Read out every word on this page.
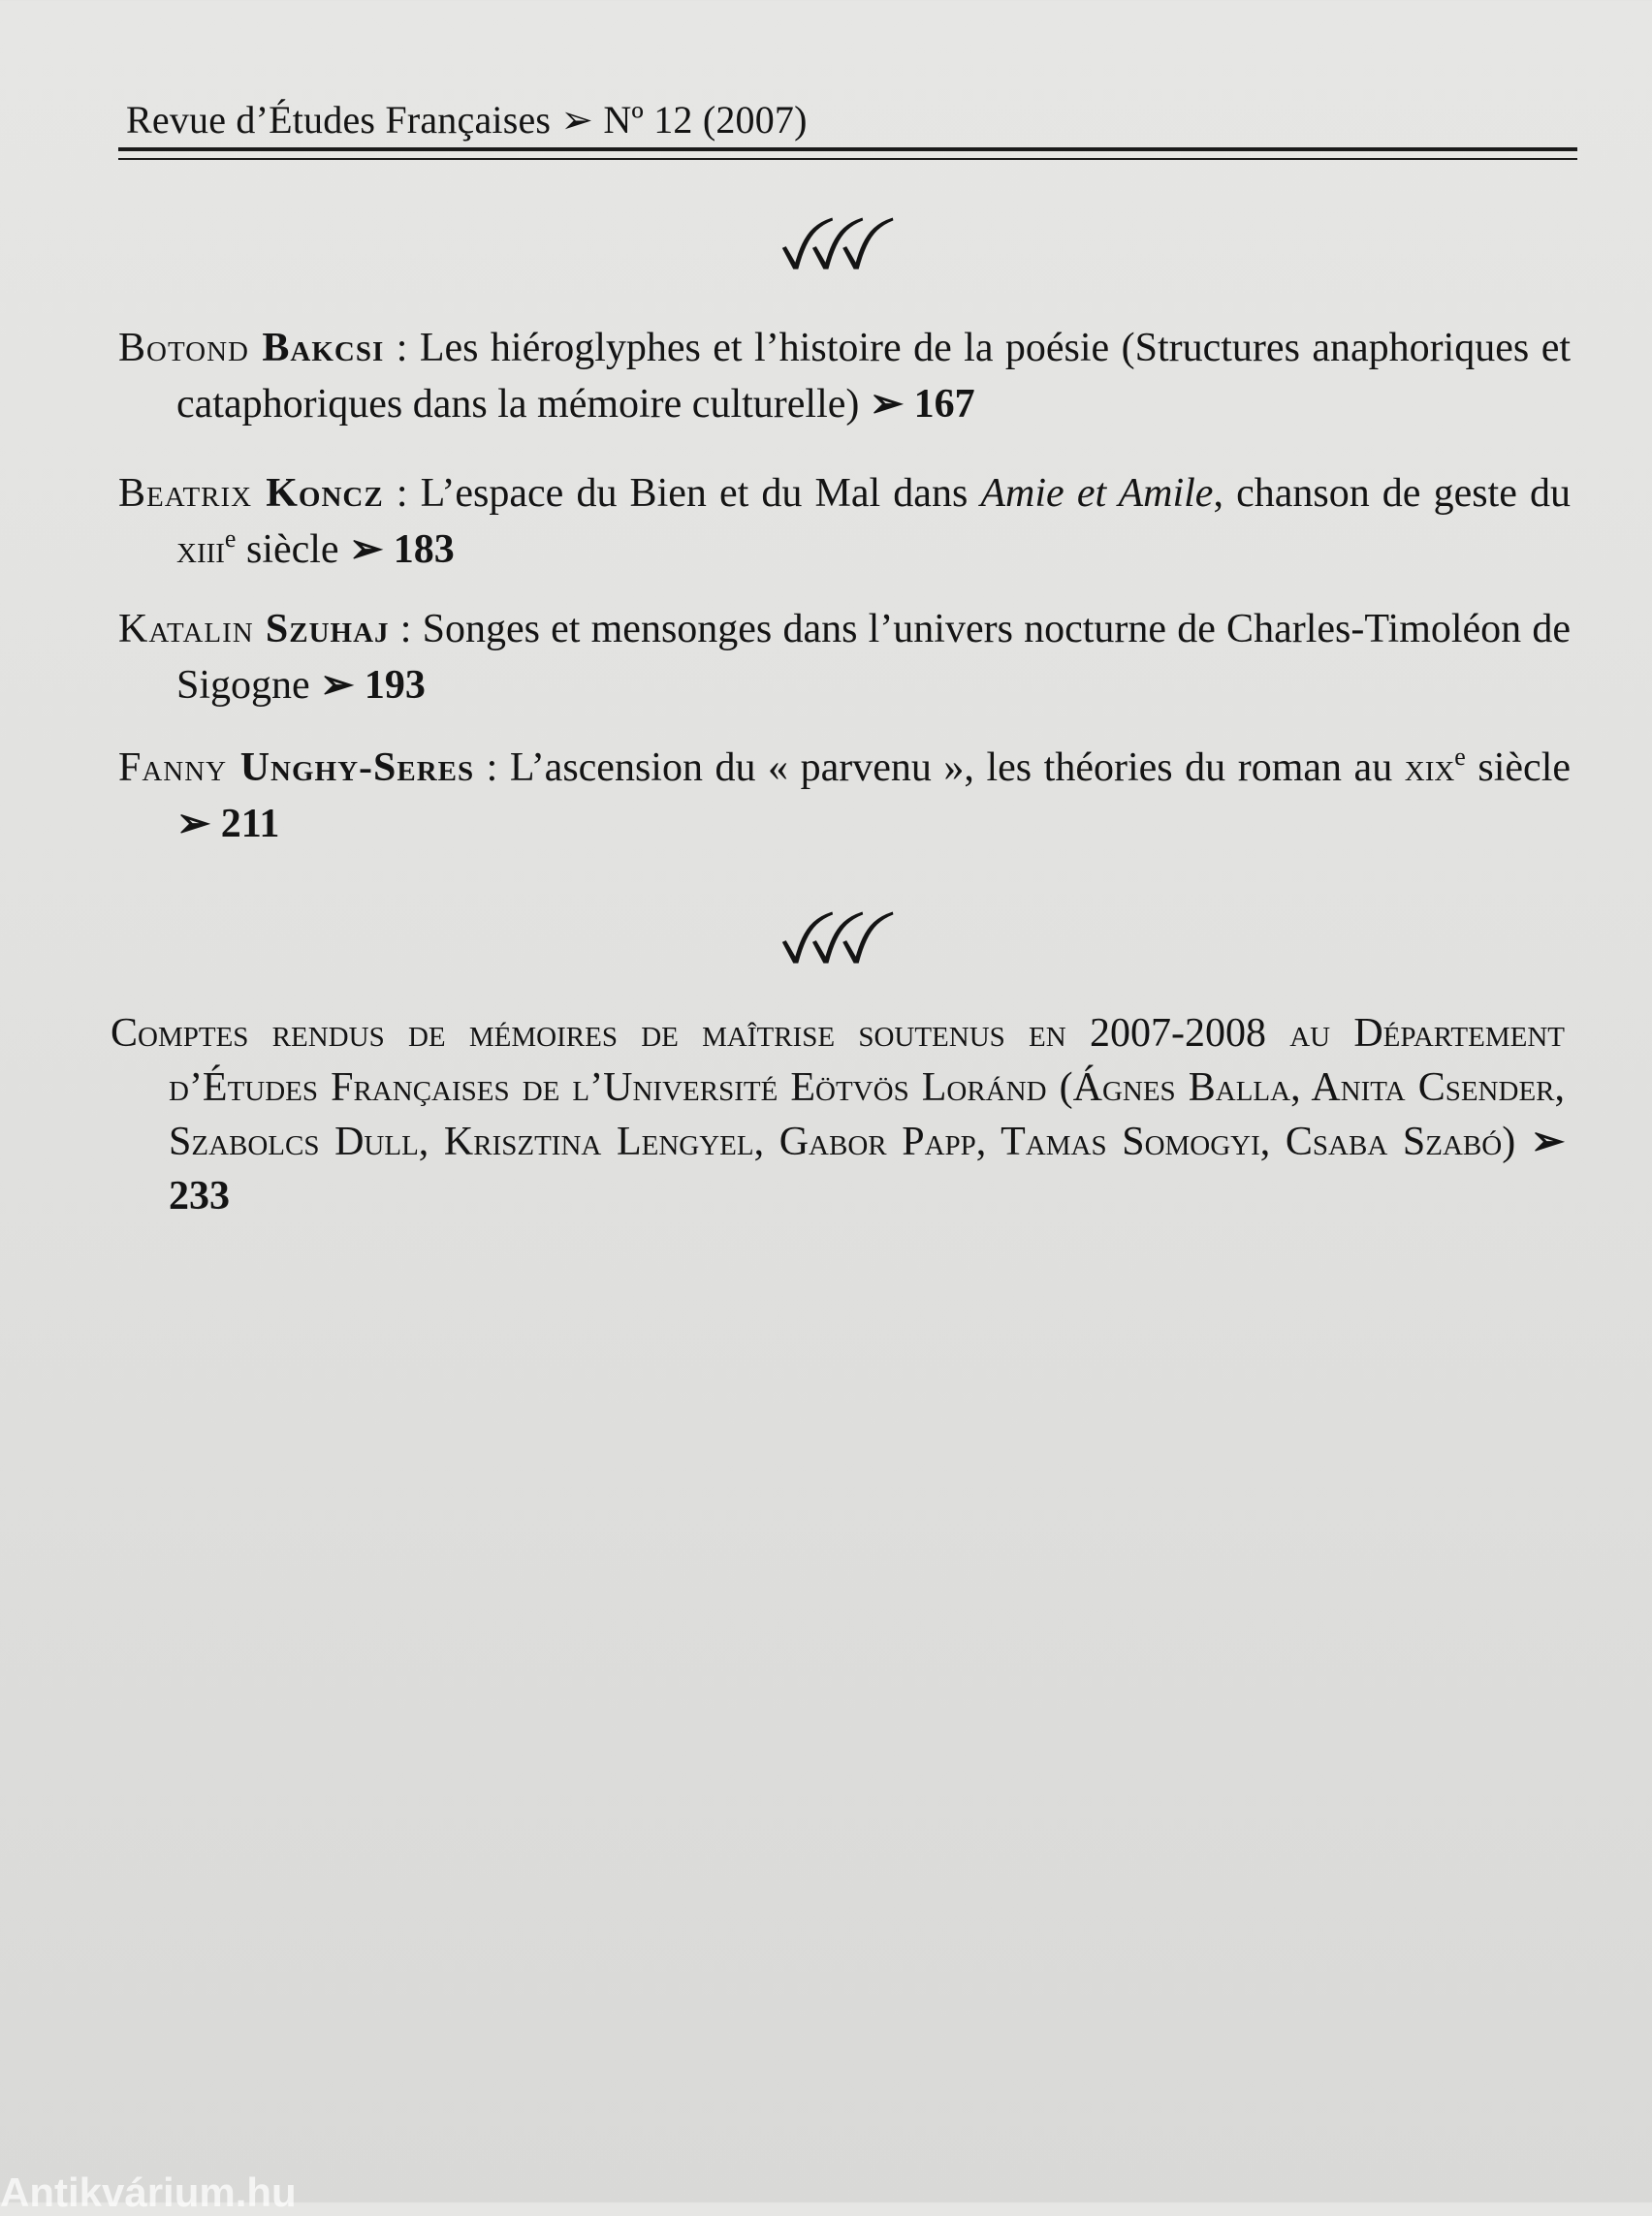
Revue d’Études Françaises ➢ Nº 12 (2007)
ꪜꪜꪜ
Botond Bakcsi : Les hiéroglyphes et l’histoire de la poésie (Structures anaphoriques et cataphoriques dans la mémoire culturelle) ➢ 167
Beatrix Koncz : L’espace du Bien et du Mal dans Amie et Amile, chanson de geste du xiii$^e$ siècle ➢ 183
Katalin Szuhaj : Songes et mensonges dans l’univers nocturne de Charles-Timoléon de Sigogne ➢ 193
Fanny Unghy-Seres : L’ascension du « parvenu », les théories du roman au xix$^e$ siècle ➢ 211
ꪜꪜꪜ
Comptes rendus de mémoires de maîtrise soutenus en 2007-2008 au Département d’Études Françaises de l’Université Eötvös Loránd (Ágnes Balla, Anita Csender, Szabolcs Dull, Krisztina Lengyel, Gabor Papp, Tamas Somogyi, Csaba Szabó) ➢ 233
Antikvárium.hu
